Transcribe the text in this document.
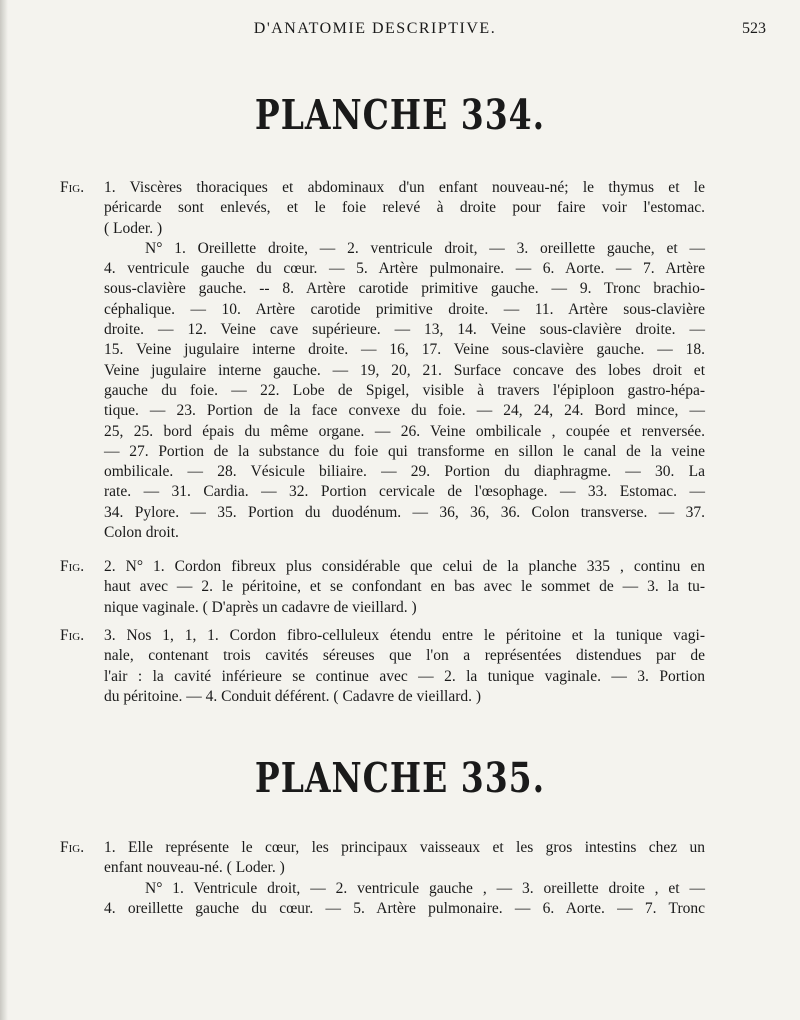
D'ANATOMIE DESCRIPTIVE.	523
PLANCHE 334.
Fig. 1. Viscères thoraciques et abdominaux d'un enfant nouveau-né; le thymus et le
péricarde sont enlevés, et le foie relevé à droite pour faire voir l'estomac.
( Loder. )
N° 1. Oreillette droite, — 2. ventricule droit, — 3. oreillette gauche, et —
4. ventricule gauche du cœur. — 5. Artère pulmonaire. — 6. Aorte. — 7. Artère
sous-clavière gauche. -- 8. Artère carotide primitive gauche. — 9. Tronc brachio-
céphalique. — 10. Artère carotide primitive droite. — 11. Artère sous-clavière
droite. — 12. Veine cave supérieure. — 13, 14. Veine sous-clavière droite. —
15. Veine jugulaire interne droite. — 16, 17. Veine sous-clavière gauche. — 18.
Veine jugulaire interne gauche. — 19, 20, 21. Surface concave des lobes droit et
gauche du foie. — 22. Lobe de Spigel, visible à travers l'épiploon gastro-hépa-
tique. — 23. Portion de la face convexe du foie. — 24, 24, 24. Bord mince, —
25, 25. bord épais du même organe. — 26. Veine ombilicale , coupée et renversée.
— 27. Portion de la substance du foie qui transforme en sillon le canal de la veine
ombilicale. — 28. Vésicule biliaire. — 29. Portion du diaphragme. — 30. La
rate. — 31. Cardia. — 32. Portion cervicale de l'œsophage. — 33. Estomac. —
34. Pylore. — 35. Portion du duodénum. — 36, 36, 36. Colon transverse. — 37.
Colon droit.
Fig. 2. N° 1. Cordon fibreux plus considérable que celui de la planche 335 , continu en
haut avec — 2. le péritoine, et se confondant en bas avec le sommet de — 3. la tu-
nique vaginale. ( D'après un cadavre de vieillard. )
Fig. 3. Nos 1, 1, 1. Cordon fibro-celluleux étendu entre le péritoine et la tunique vagi-
nale, contenant trois cavités séreuses que l'on a représentées distendues par de
l'air : la cavité inférieure se continue avec — 2. la tunique vaginale. — 3. Portion
du péritoine. — 4. Conduit déférent. ( Cadavre de vieillard. )
PLANCHE 335.
Fig. 1. Elle représente le cœur, les principaux vaisseaux et les gros intestins chez un
enfant nouveau-né. ( Loder. )
N° 1. Ventricule droit, — 2. ventricule gauche , — 3. oreillette droite , et —
4. oreillette gauche du cœur. — 5. Artère pulmonaire. — 6. Aorte. — 7. Tronc
